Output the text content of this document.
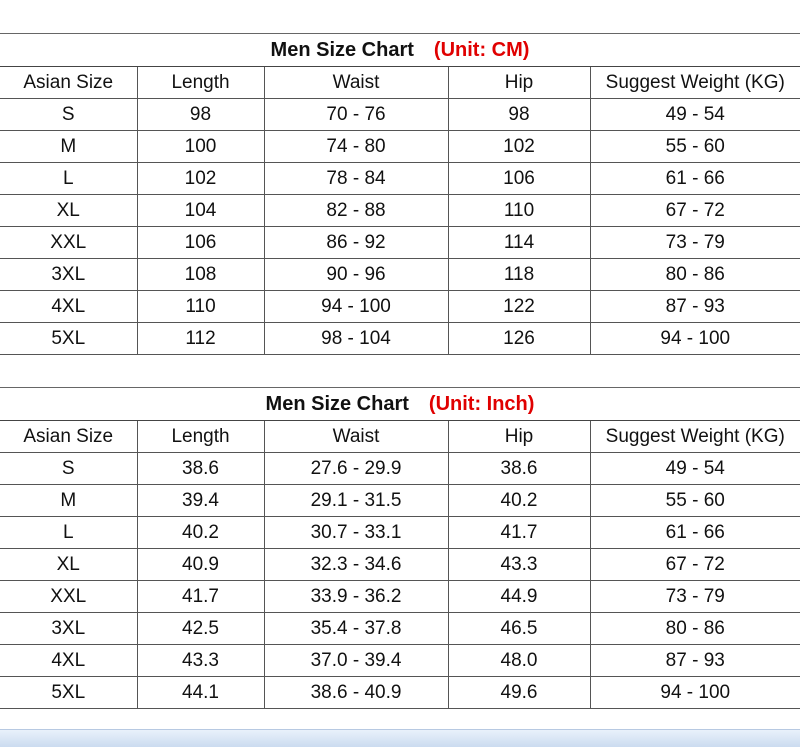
Men Size Chart (Unit: CM)
Asian Size	Length	Waist	Hip	Suggest Weight (KG)
S	98	70 - 76	98	49 - 54
M	100	74 - 80	102	55 - 60
L	102	78 - 84	106	61 - 66
XL	104	82 - 88	110	67 - 72
XXL	106	86 - 92	114	73 - 79
3XL	108	90 - 96	118	80 - 86
4XL	110	94 - 100	122	87 - 93
5XL	112	98 - 104	126	94 - 100
Men Size Chart (Unit: Inch)
Asian Size	Length	Waist	Hip	Suggest Weight (KG)
S	38.6	27.6 - 29.9	38.6	49 - 54
M	39.4	29.1 - 31.5	40.2	55 - 60
L	40.2	30.7 - 33.1	41.7	61 - 66
XL	40.9	32.3 - 34.6	43.3	67 - 72
XXL	41.7	33.9 - 36.2	44.9	73 - 79
3XL	42.5	35.4 - 37.8	46.5	80 - 86
4XL	43.3	37.0 - 39.4	48.0	87 - 93
5XL	44.1	38.6 - 40.9	49.6	94 - 100
